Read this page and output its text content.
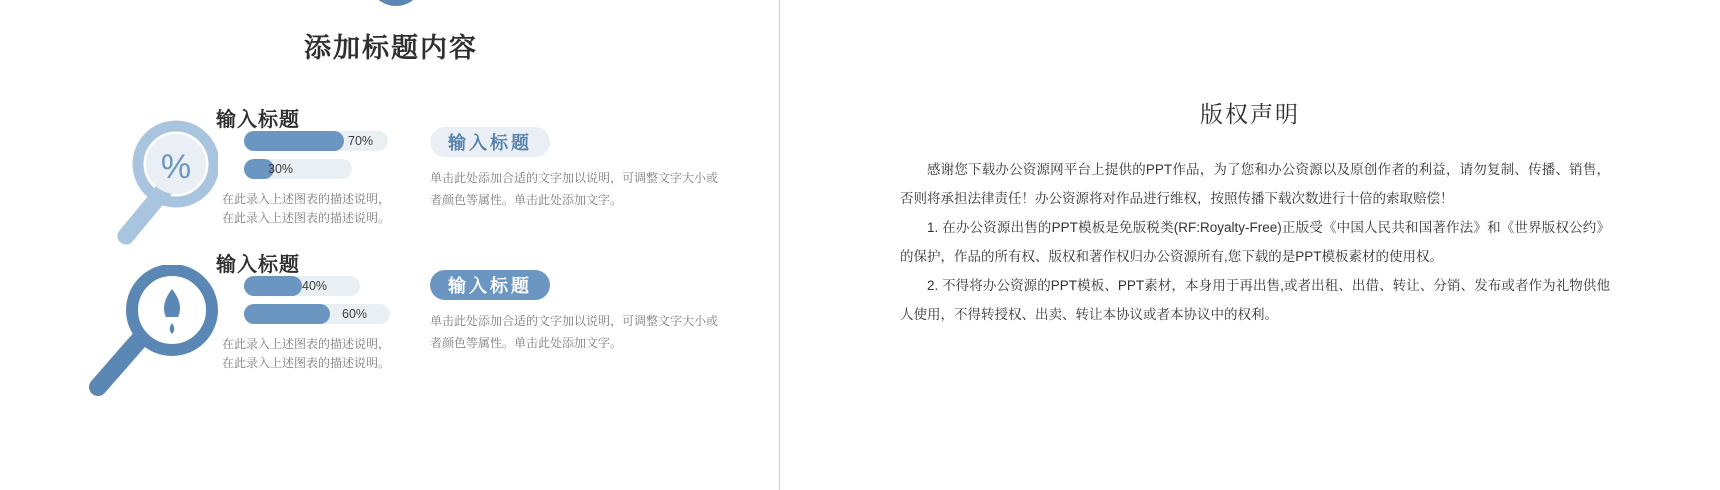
添加标题内容
%
输入标题
70%
30%
在此录入上述图表的描述说明，
在此录入上述图表的描述说明。
输入标题
单击此处添加合适的文字加以说明，可调整文字大小或者颜色等属性。单击此处添加文字。
输入标题
40%
60%
在此录入上述图表的描述说明，
在此录入上述图表的描述说明。
输入标题
单击此处添加合适的文字加以说明，可调整文字大小或者颜色等属性。单击此处添加文字。
版权声明

感谢您下载办公资源网平台上提供的PPT作品，为了您和办公资源以及原创作者的利益，请勿复制、传播、销售，否则将承担法律责任！办公资源将对作品进行维权，按照传播下载次数进行十倍的索取赔偿！

1. 在办公资源出售的PPT模板是免版税类(RF:Royalty-Free)正版受《中国人民共和国著作法》和《世界版权公约》的保护，作品的所有权、版权和著作权归办公资源所有,您下载的是PPT模板素材的使用权。

2. 不得将办公资源的PPT模板、PPT素材，本身用于再出售,或者出租、出借、转让、分销、发布或者作为礼物供他人使用，不得转授权、出卖、转让本协议或者本协议中的权利。
